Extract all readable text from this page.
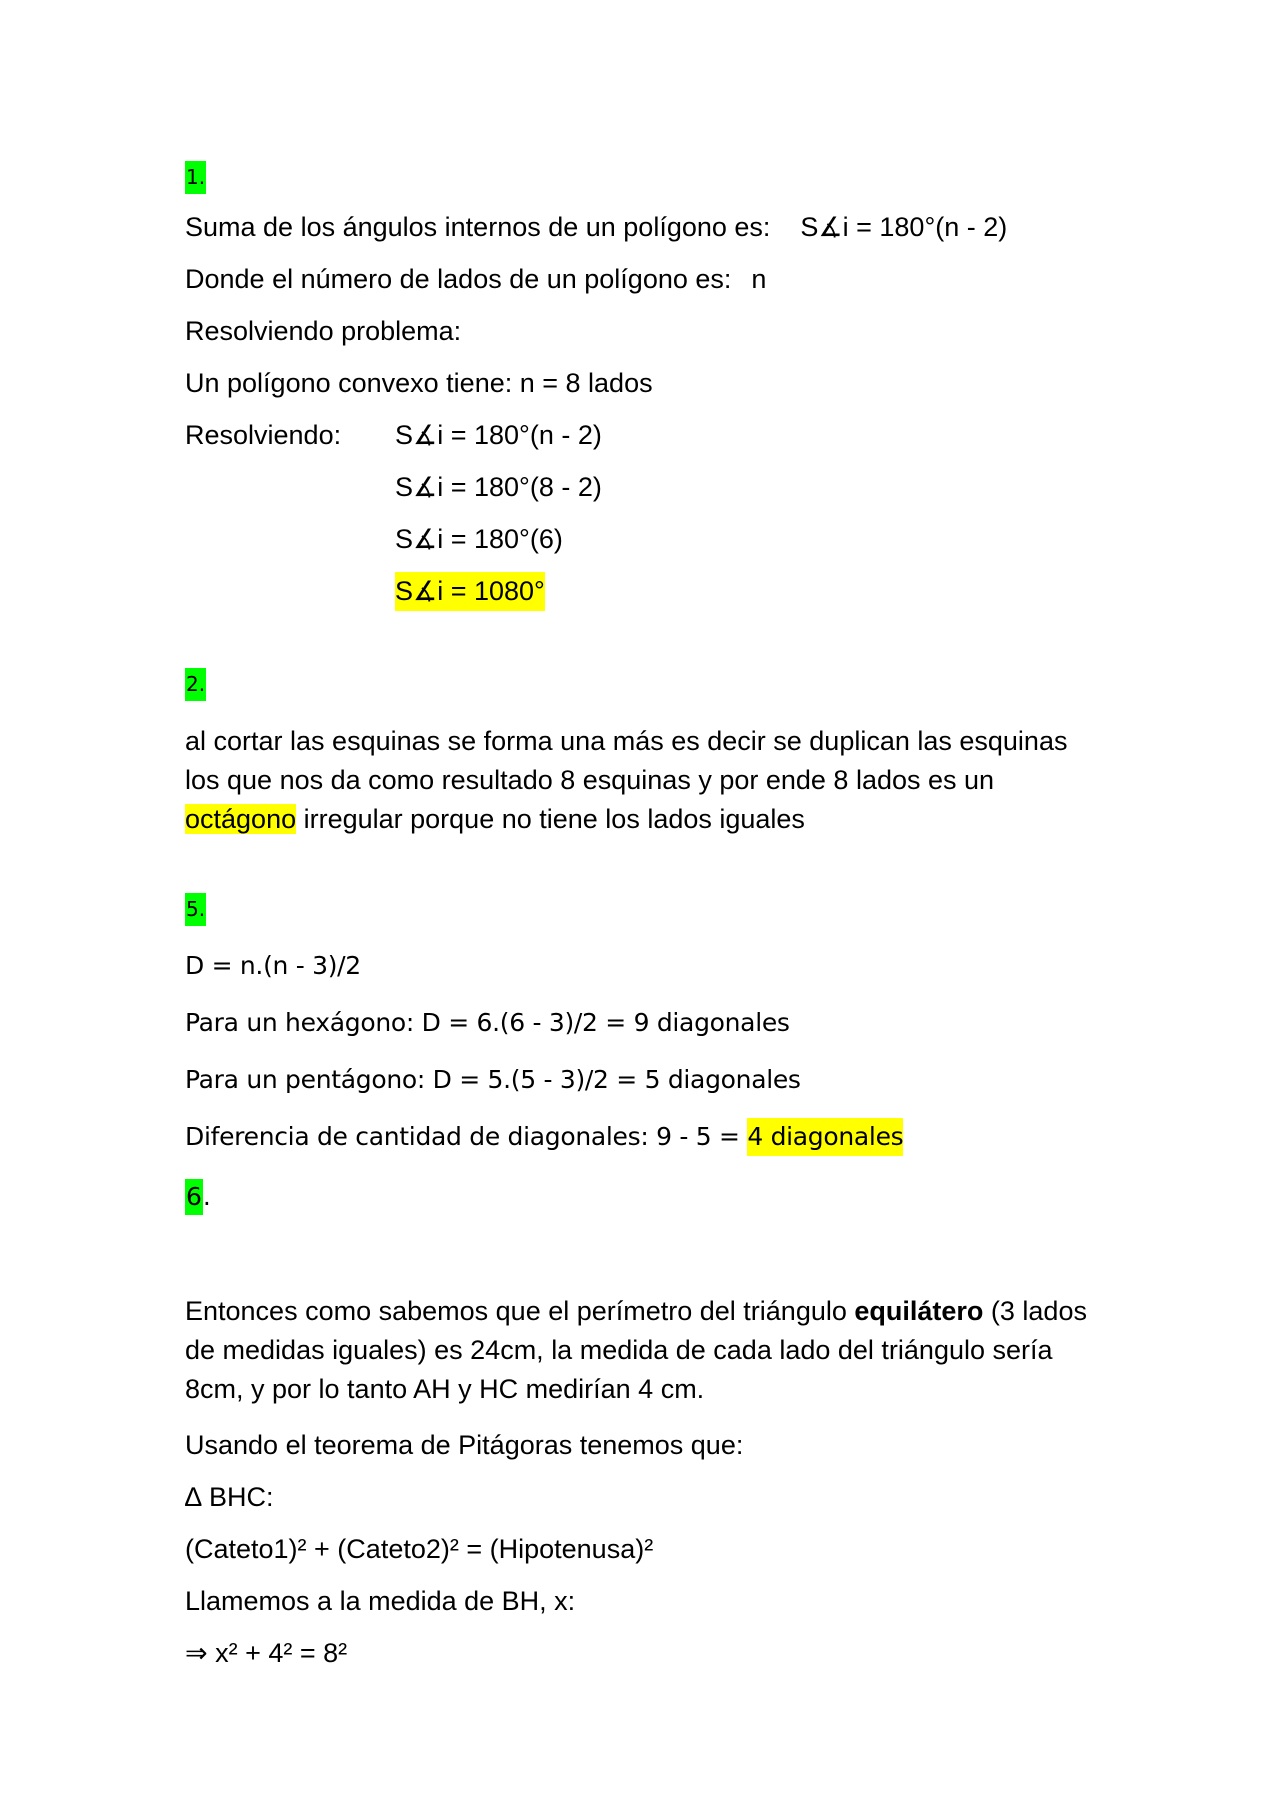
1.
Suma de los ángulos internos de un polígono es: S∡i = 180°(n - 2)
Donde el número de lados de un polígono es: n
Resolviendo problema:
Un polígono convexo tiene: n = 8 lados
Resolviendo: S∡i = 180°(n - 2)
S∡i = 180°(8 - 2)
S∡i = 180°(6)
S∡i = 1080°
2.
al cortar las esquinas se forma una más es decir se duplican las esquinas los que nos da como resultado 8 esquinas y por ende 8 lados es un octágono irregular porque no tiene los lados iguales
5.
D = n.(n - 3)/2
Para un hexágono: D = 6.(6 - 3)/2 = 9 diagonales
Para un pentágono: D = 5.(5 - 3)/2 = 5 diagonales
Diferencia de cantidad de diagonales: 9 - 5 = 4 diagonales
6.
Entonces como sabemos que el perímetro del triángulo equilátero (3 lados de medidas iguales) es 24cm, la medida de cada lado del triángulo sería 8cm, y por lo tanto AH y HC medirían 4 cm.
Usando el teorema de Pitágoras tenemos que:
∆ BHC:
(Cateto1)² + (Cateto2)² = (Hipotenusa)²
Llamemos a la medida de BH, x:
⇒ x² + 4² = 8²
